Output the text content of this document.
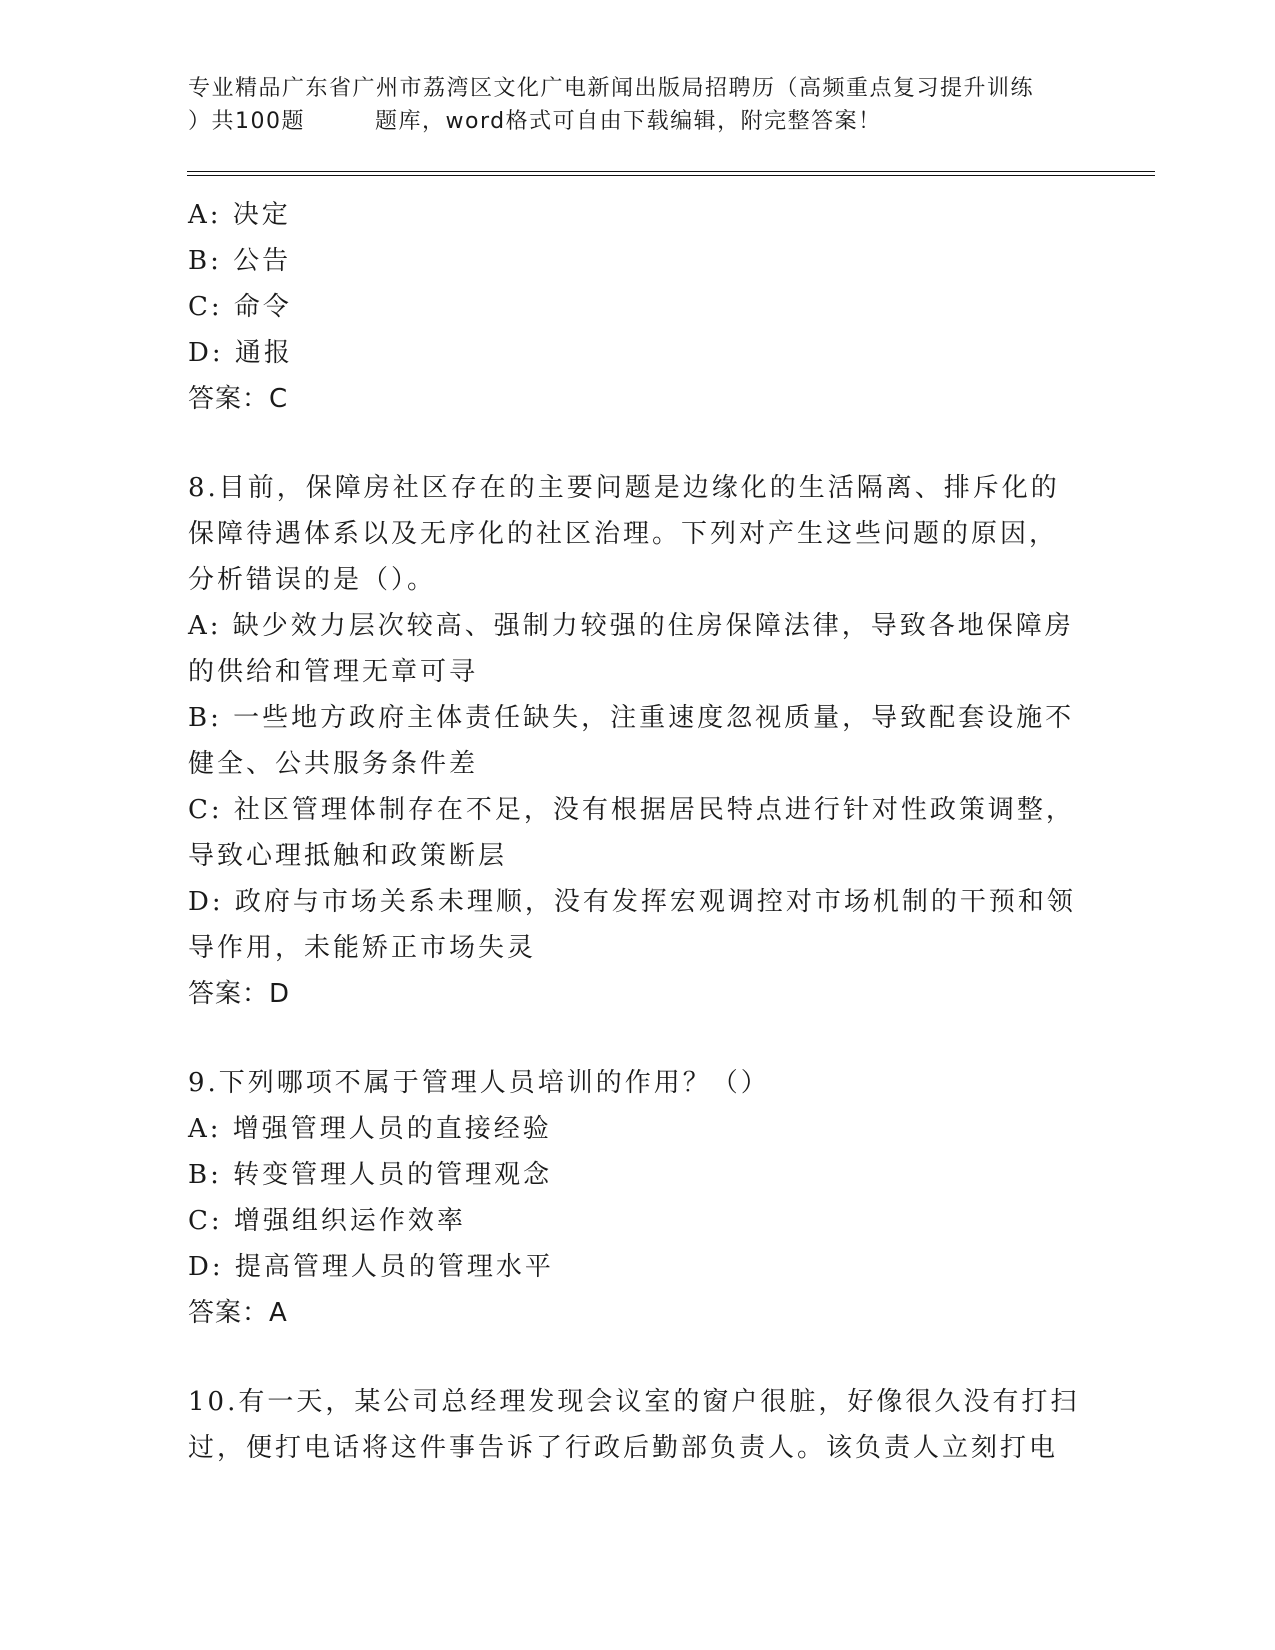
专业精品广东省广州市荔湾区文化广电新闻出版局招聘历（高频重点复习提升训练
）共100题	题库，word格式可自由下载编辑，附完整答案！
A: 决定
B: 公告
C: 命令
D: 通报
答案：C
8.目前，保障房社区存在的主要问题是边缘化的生活隔离、排斥化的
保障待遇体系以及无序化的社区治理。下列对产生这些问题的原因，
分析错误的是（）。
A: 缺少效力层次较高、强制力较强的住房保障法律，导致各地保障房
的供给和管理无章可寻
B: 一些地方政府主体责任缺失，注重速度忽视质量，导致配套设施不
健全、公共服务条件差
C: 社区管理体制存在不足，没有根据居民特点进行针对性政策调整，
导致心理抵触和政策断层
D: 政府与市场关系未理顺，没有发挥宏观调控对市场机制的干预和领
导作用，未能矫正市场失灵
答案：D
9.下列哪项不属于管理人员培训的作用？（）
A: 增强管理人员的直接经验
B: 转变管理人员的管理观念
C: 增强组织运作效率
D: 提高管理人员的管理水平
答案：A
10.有一天，某公司总经理发现会议室的窗户很脏，好像很久没有打扫
过，便打电话将这件事告诉了行政后勤部负责人。该负责人立刻打电
